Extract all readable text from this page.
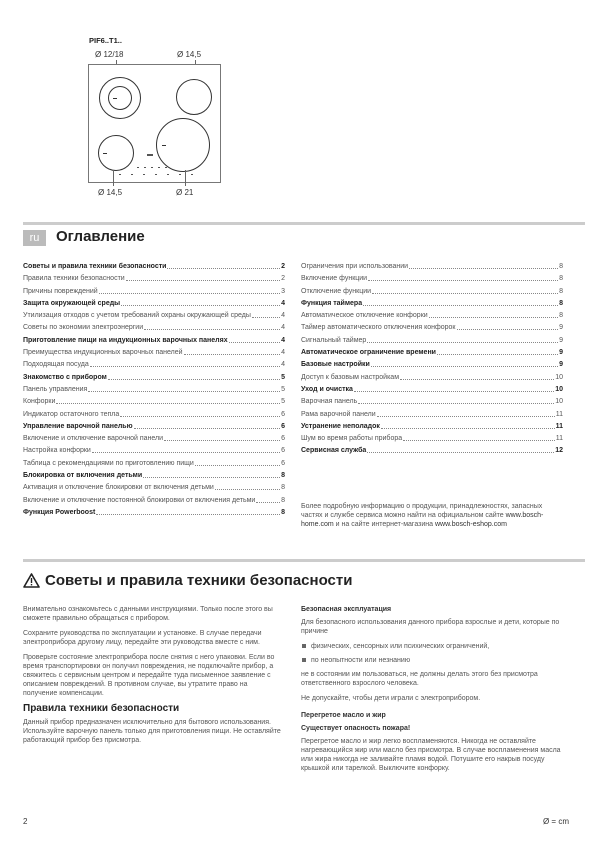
PIF6..T1..
Ø 12/18	Ø 14,5
Ø 14,5	Ø 21
ru	Оглавление
Советы и правила техники безопасности	2
Правила техники безопасности	2
Причины повреждений	3
Защита окружающей среды	4
Утилизация отходов с учетом требований охраны окружающей среды	4
Советы по экономии электроэнергии	4
Приготовление пищи на индукционных варочных панелях	4
Преимущества индукционных варочных панелей	4
Подходящая посуда	4
Знакомство с прибором	5
Панель управления	5
Конфорки	5
Индикатор остаточного тепла	6
Управление варочной панелью	6
Включение и отключение варочной панели	6
Настройка конфорки	6
Таблица с рекомендациями по приготовлению пищи	6
Блокировка от включения детьми	8
Активация и отключение блокировки от включения детьми	8
Включение и отключение постоянной блокировки от включения детьми	8
Функция Powerboost	8
Ограничения при использовании	8
Включение функции	8
Отключение функции	8
Функция таймера	8
Автоматическое отключение конфорки	8
Таймер автоматического отключения конфорок	9
Сигнальный таймер	9
Автоматическое ограничение времени	9
Базовые настройки	9
Доступ к базовым настройкам	10
Уход и очистка	10
Варочная панель	10
Рама варочной панели	11
Устранение неполадок	11
Шум во время работы прибора	11
Сервисная служба	12
Более подробную информацию о продукции, принадлежностях, запасных частях и службе сервиса можно найти на официальном сайте www.bosch-home.com и на сайте интернет-магазина www.bosch-eshop.com
Советы и правила техники безопасности

Внимательно ознакомьтесь с данными инструкциями. Только после этого вы сможете правильно обращаться с прибором.

Сохраните руководства по эксплуатации и установке. В случае передачи электроприбора другому лицу, передайте эти руководства вместе с ним.

Проверьте состояние электроприбора после снятия с него упаковки. Если во время транспортировки он получил повреждения, не подключайте прибор, а свяжитесь с сервисным центром и передайте туда письменное заявление с описанием повреждений. В противном случае, вы утратите право на получение компенсации.

Правила техники безопасности

Данный прибор предназначен исключительно для бытового использования. Используйте варочную панель только для приготовления пищи. Не оставляйте работающий прибор без присмотра.

Безопасная эксплуатация

Для безопасного использования данного прибора взрослые и дети, которые по причине

физических, сенсорных или психических ограничений,
по неопытности или незнанию

не в состоянии им пользоваться, не должны делать этого без присмотра ответственного взрослого человека.

Не допускайте, чтобы дети играли с электроприбором.

Перегретое масло и жир
Существует опасность пожара!

Перегретое масло и жир легко воспламеняются. Никогда не оставляйте нагревающийся жир или масло без присмотра. В случае воспламенения масла или жира никогда не заливайте пламя водой. Потушите его накрыв посуду крышкой или тарелкой. Выключите конфорку.

2	Ø = cm
